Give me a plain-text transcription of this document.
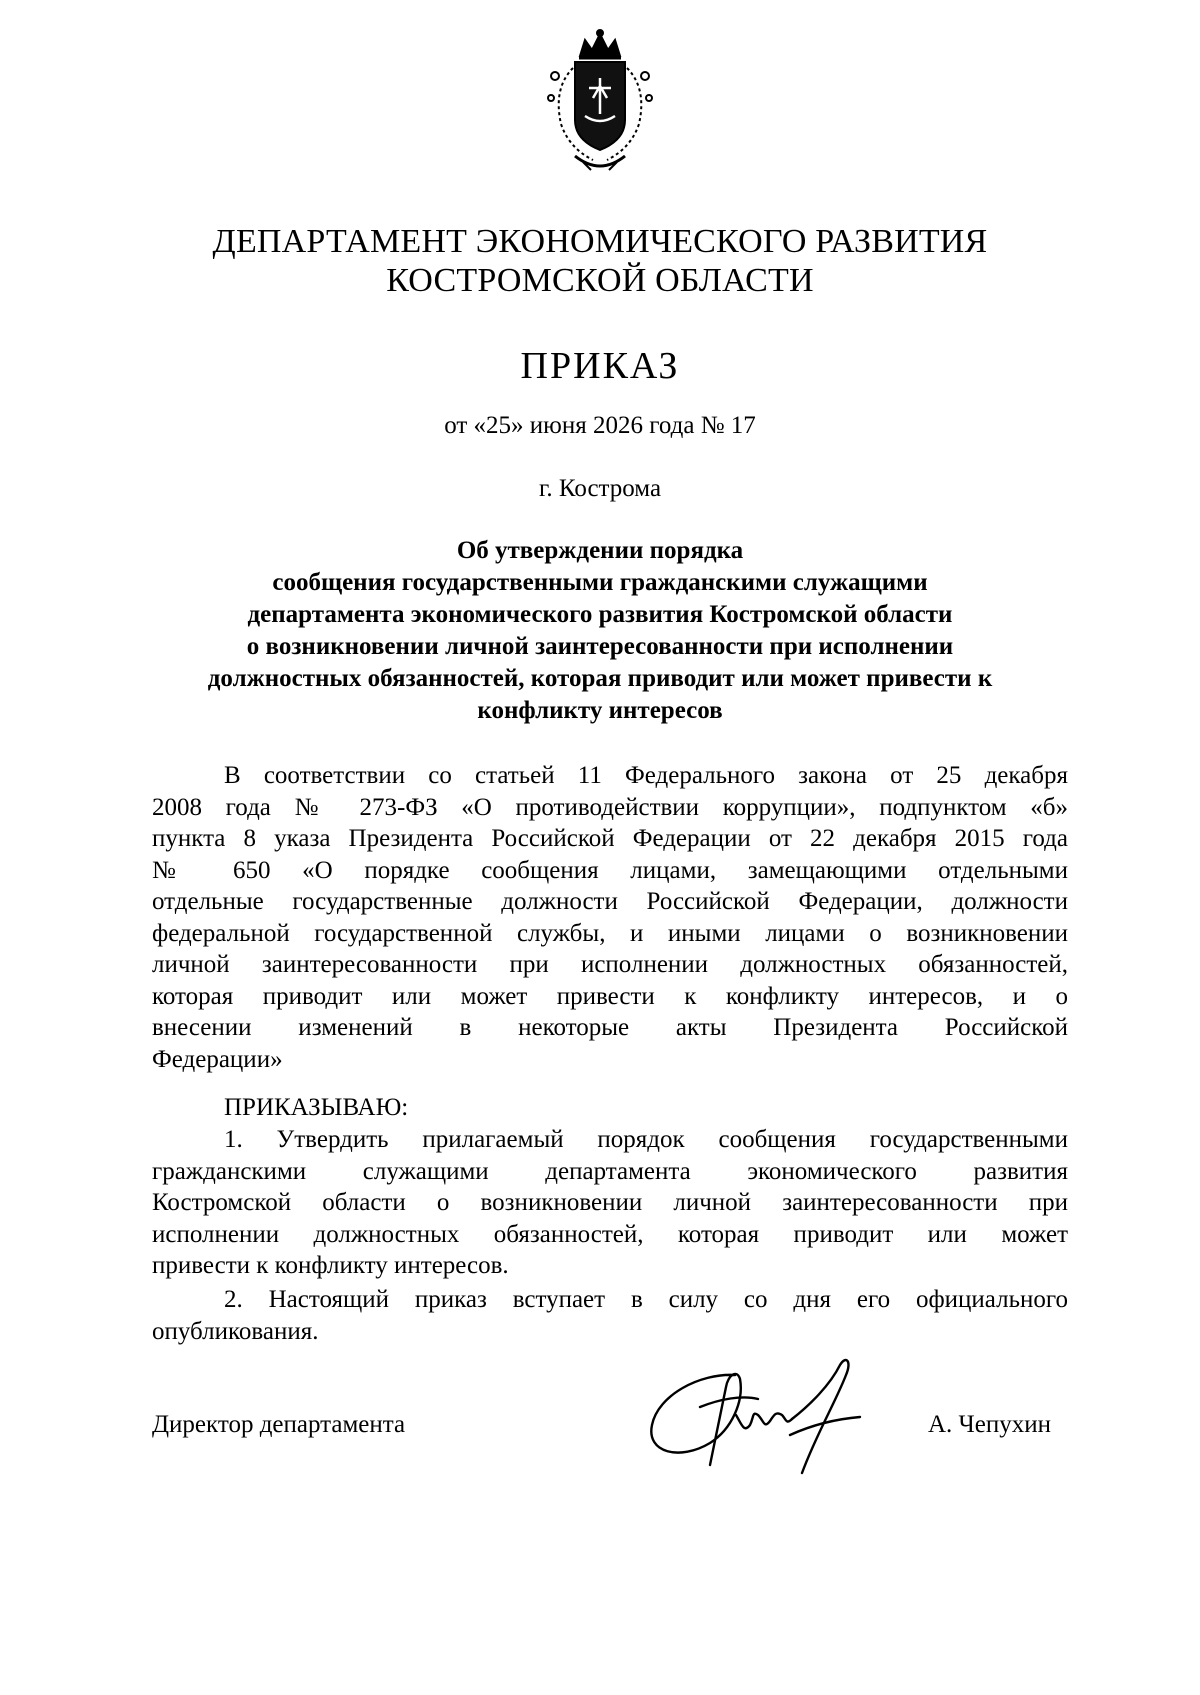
ДЕПАРТАМЕНТ ЭКОНОМИЧЕСКОГО РАЗВИТИЯ
КОСТРОМСКОЙ ОБЛАСТИ
ПРИКАЗ
от «25» июня 2026 года № 17
г. Кострома
Об утверждении порядка
сообщения государственными гражданскими служащими
департамента экономического развития Костромской области
о возникновении личной заинтересованности при исполнении
должностных обязанностей, которая приводит или может привести к
конфликту интересов
В соответствии со статьей 11 Федерального закона от 25 декабря
2008 года № 273-ФЗ «О противодействии коррупции», подпунктом «б»
пункта 8 указа Президента Российской Федерации от 22 декабря 2015 года
№ 650 «О порядке сообщения лицами, замещающими отдельными
отдельные государственные должности Российской Федерации, должности
федеральной государственной службы, и иными лицами о возникновении
личной заинтересованности при исполнении должностных обязанностей,
которая приводит или может привести к конфликту интересов, и о
внесении изменений в некоторые акты Президента Российской
Федерации»
ПРИКАЗЫВАЮ:
1. Утвердить прилагаемый порядок сообщения государственными
гражданскими служащими департамента экономического развития
Костромской области о возникновении личной заинтересованности при
исполнении должностных обязанностей, которая приводит или может
привести к конфликту интересов.
2. Настоящий приказ вступает в силу со дня его официального
опубликования.
Директор департамента	А. Чепухин
